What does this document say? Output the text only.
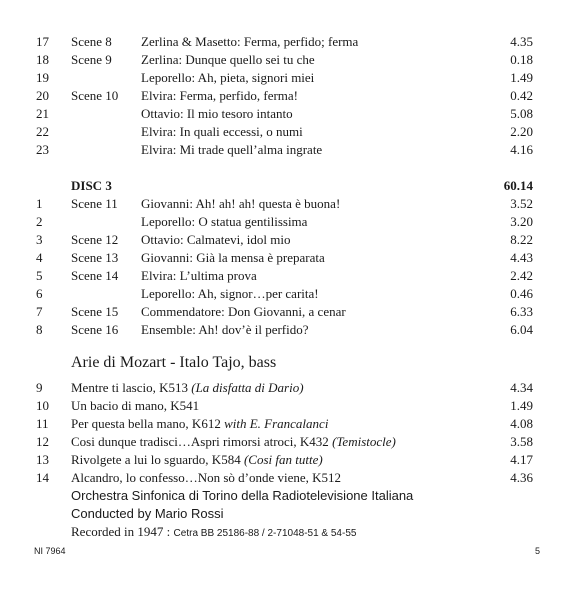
17 Scene 8 Zerlina & Masetto: Ferma, perfido; ferma	4.35
18 Scene 9 Zerlina: Dunque quello sei tu che	0.18
19	Leporello: Ah, pieta, signori miei	1.49
20 Scene 10 Elvira: Ferma, perfido, ferma!	0.42
21	Ottavio: Il mio tesoro intanto	5.08
22	Elvira: In quali eccessi, o numi	2.20
23	Elvira: Mi trade quell’alma ingrate	4.16
DISC 3	60.14
1 Scene 11 Giovanni: Ah! ah! ah! questa è buona!	3.52
2	Leporello: O statua gentilissima	3.20
3 Scene 12 Ottavio: Calmatevi, idol mio	8.22
4 Scene 13 Giovanni: Già la mensa è preparata	4.43
5 Scene 14 Elvira: L’ultima prova	2.42
6	Leporello: Ah, signor…per carita!	0.46
7 Scene 15 Commendatore: Don Giovanni, a cenar	6.33
8 Scene 16 Ensemble: Ah! dov’è il perfido?	6.04
Arie di Mozart - Italo Tajo, bass
9 Mentre ti lascio, K513 (La disfatta di Dario)	4.34
10 Un bacio di mano, K541	1.49
11 Per questa bella mano, K612 with E. Francalanci	4.08
12 Cosi dunque tradisci…Aspri rimorsi atroci, K432 (Temistocle)	3.58
13 Rivolgete a lui lo sguardo, K584 (Cosi fan tutte)	4.17
14 Alcandro, lo confesso…Non sò d’onde viene, K512	4.36
Orchestra Sinfonica di Torino della Radiotelevisione Italiana
Conducted by Mario Rossi
Recorded in 1947 : Cetra BB 25186-88 / 2-71048-51 & 54-55
NI 7964	5
